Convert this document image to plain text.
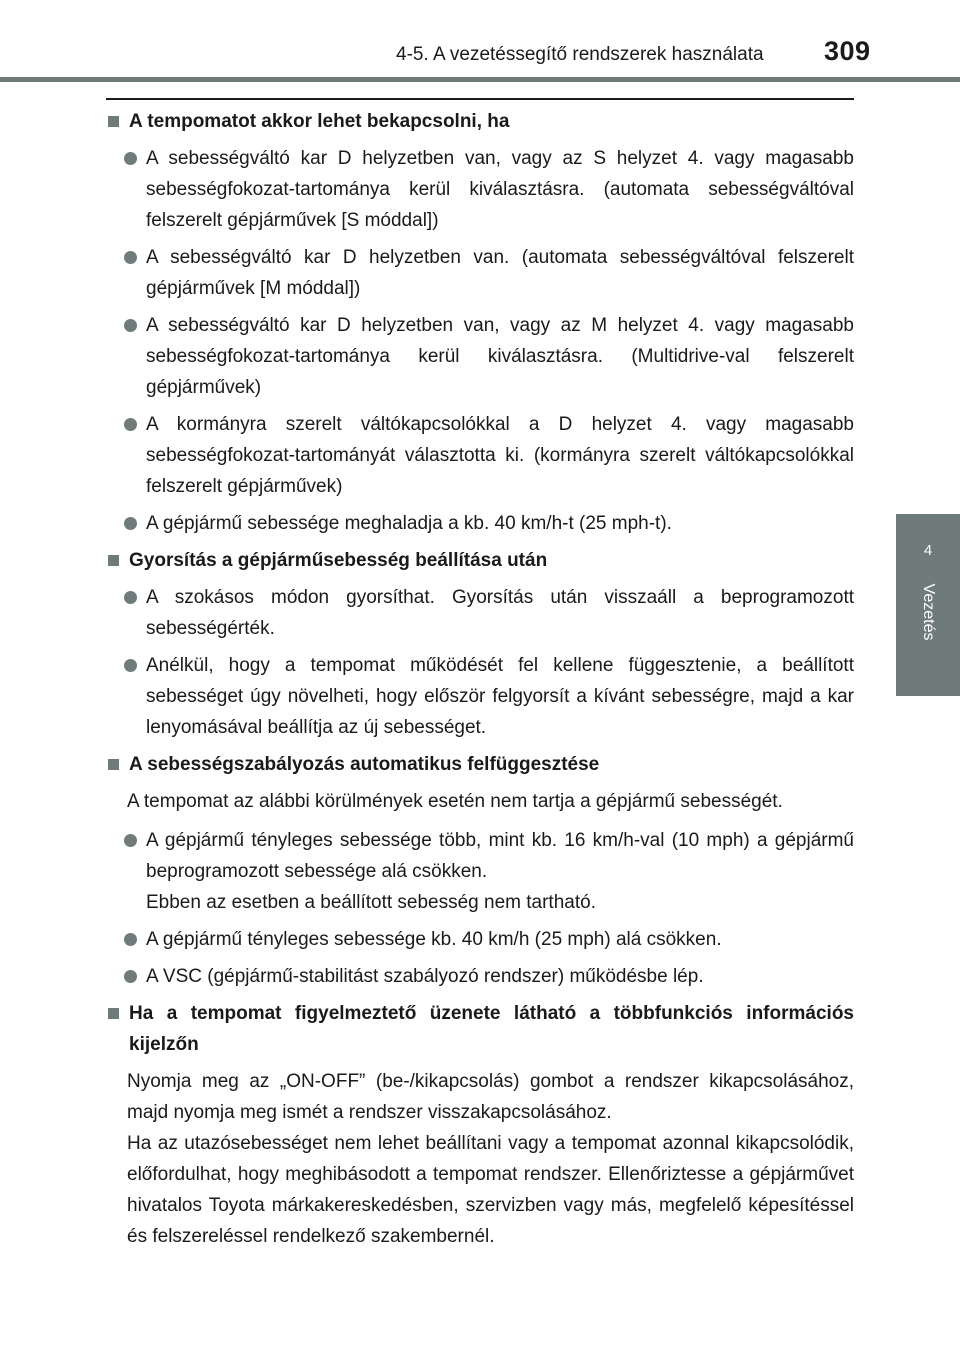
4-5. A vezetéssegítő rendszerek használata 309
4
Vezetés
A tempomatot akkor lehet bekapcsolni, ha
A sebességváltó kar D helyzetben van, vagy az S helyzet 4. vagy magasabb sebességfokozat-tartománya kerül kiválasztásra. (automata sebességváltóval felszerelt gépjárművek [S móddal])
A sebességváltó kar D helyzetben van. (automata sebességváltóval felszerelt gépjárművek [M móddal])
A sebességváltó kar D helyzetben van, vagy az M helyzet 4. vagy magasabb sebességfokozat-tartománya kerül kiválasztásra. (Multidrive-val felszerelt gépjárművek)
A kormányra szerelt váltókapcsolókkal a D helyzet 4. vagy magasabb sebességfokozat-tartományát választotta ki. (kormányra szerelt váltókapcsolókkal felszerelt gépjárművek)
A gépjármű sebessége meghaladja a kb. 40 km/h-t (25 mph-t).
Gyorsítás a gépjárműsebesség beállítása után
A szokásos módon gyorsíthat. Gyorsítás után visszaáll a beprogramozott sebességérték.
Anélkül, hogy a tempomat működését fel kellene függesztenie, a beállított sebességet úgy növelheti, hogy először felgyorsít a kívánt sebességre, majd a kar lenyomásával beállítja az új sebességet.
A sebességszabályozás automatikus felfüggesztése
A tempomat az alábbi körülmények esetén nem tartja a gépjármű sebességét.
A gépjármű tényleges sebessége több, mint kb. 16 km/h-val (10 mph) a gépjármű beprogramozott sebessége alá csökken.
Ebben az esetben a beállított sebesség nem tartható.
A gépjármű tényleges sebessége kb. 40 km/h (25 mph) alá csökken.
A VSC (gépjármű-stabilitást szabályozó rendszer) működésbe lép.
Ha a tempomat figyelmeztető üzenete látható a többfunkciós információs kijelzőn
Nyomja meg az „ON-OFF” (be-/kikapcsolás) gombot a rendszer kikapcsolásához, majd nyomja meg ismét a rendszer visszakapcsolásához.
Ha az utazósebességet nem lehet beállítani vagy a tempomat azonnal kikapcsolódik, előfordulhat, hogy meghibásodott a tempomat rendszer. Ellenőriztesse a gépjárművet hivatalos Toyota márkakereskedésben, szervizben vagy más, megfelelő képesítéssel és felszereléssel rendelkező szakembernél.
